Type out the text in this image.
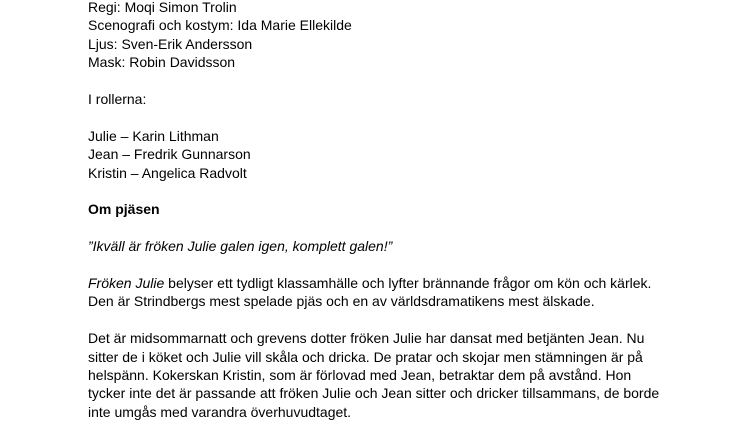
Regi: Moqi Simon Trolin
Scenografi och kostym: Ida Marie Ellekilde
Ljus: Sven-Erik Andersson
Mask: Robin Davidsson
I rollerna:
Julie – Karin Lithman
Jean – Fredrik Gunnarson
Kristin – Angelica Radvolt
Om pjäsen
”Ikväll är fröken Julie galen igen, komplett galen!”
Fröken Julie belyser ett tydligt klassamhälle och lyfter brännande frågor om kön och kärlek.
Den är Strindbergs mest spelade pjäs och en av världsdramatikens mest älskade.
Det är midsommarnatt och grevens dotter fröken Julie har dansat med betjänten Jean. Nu
sitter de i köket och Julie vill skåla och dricka. De pratar och skojar men stämningen är på
helspänn. Kokerskan Kristin, som är förlovad med Jean, betraktar dem på avstånd. Hon
tycker inte det är passande att fröken Julie och Jean sitter och dricker tillsammans, de borde
inte umgås med varandra överhuvudtaget.
